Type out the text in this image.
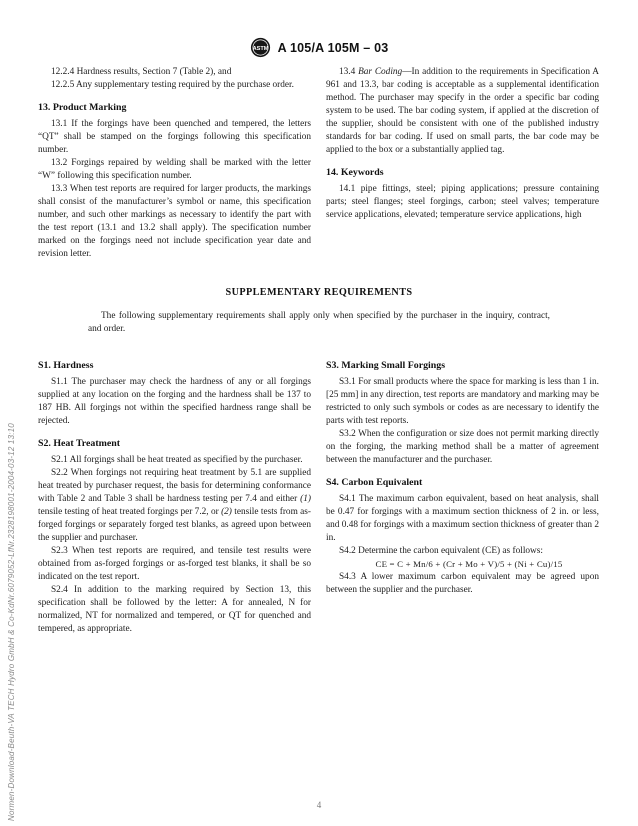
Normen-Download-Beuth-VA TECH Hydro GmbH & Co-KdNr.6079052-LfNr.2328198001-2004-03-12 13:10
ASTM A 105/A 105M – 03

12.2.4 Hardness results, Section 7 (Table 2), and

12.2.5 Any supplementary testing required by the purchase order.

13. Product Marking

13.1 If the forgings have been quenched and tempered, the letters “QT” shall be stamped on the forgings following this specification number.

13.2 Forgings repaired by welding shall be marked with the letter “W” following this specification number.

13.3 When test reports are required for larger products, the markings shall consist of the manufacturer’s symbol or name, this specification number, and such other markings as necessary to identify the part with the test report (13.1 and 13.2 shall apply). The specification number marked on the forgings need not include specification year date and revision letter.

13.4 Bar Coding—In addition to the requirements in Specification A 961 and 13.3, bar coding is acceptable as a supplemental identification method. The purchaser may specify in the order a specific bar coding system to be used. The bar coding system, if applied at the discretion of the supplier, should be consistent with one of the published industry standards for bar coding. If used on small parts, the bar code may be applied to the box or a substantially applied tag.

14. Keywords

14.1 pipe fittings, steel; piping applications; pressure containing parts; steel flanges; steel forgings, carbon; steel valves; temperature service applications, elevated; temperature service applications, high

SUPPLEMENTARY REQUIREMENTS

The following supplementary requirements shall apply only when specified by the purchaser in the inquiry, contract, and order.

S1. Hardness

S1.1 The purchaser may check the hardness of any or all forgings supplied at any location on the forging and the hardness shall be 137 to 187 HB. All forgings not within the specified hardness range shall be rejected.

S2. Heat Treatment

S2.1 All forgings shall be heat treated as specified by the purchaser.

S2.2 When forgings not requiring heat treatment by 5.1 are supplied heat treated by purchaser request, the basis for determining conformance with Table 2 and Table 3 shall be hardness testing per 7.4 and either (1) tensile testing of heat treated forgings per 7.2, or (2) tensile tests from as-forged forgings or separately forged test blanks, as agreed upon between the supplier and purchaser.

S2.3 When test reports are required, and tensile test results were obtained from as-forged forgings or as-forged test blanks, it shall be so indicated on the test report.

S2.4 In addition to the marking required by Section 13, this specification shall be followed by the letter: A for annealed, N for normalized, NT for normalized and tempered, or QT for quenched and tempered, as appropriate.

S3. Marking Small Forgings

S3.1 For small products where the space for marking is less than 1 in. [25 mm] in any direction, test reports are mandatory and marking may be restricted to only such symbols or codes as are necessary to identify the parts with test reports.

S3.2 When the configuration or size does not permit marking directly on the forging, the marking method shall be a matter of agreement between the manufacturer and the purchaser.

S4. Carbon Equivalent

S4.1 The maximum carbon equivalent, based on heat analysis, shall be 0.47 for forgings with a maximum section thickness of 2 in. or less, and 0.48 for forgings with a maximum section thickness of greater than 2 in.

S4.2 Determine the carbon equivalent (CE) as follows:

CE = C + Mn/6 + (Cr + Mo + V)/5 + (Ni + Cu)/15

S4.3 A lower maximum carbon equivalent may be agreed upon between the supplier and the purchaser.

4
